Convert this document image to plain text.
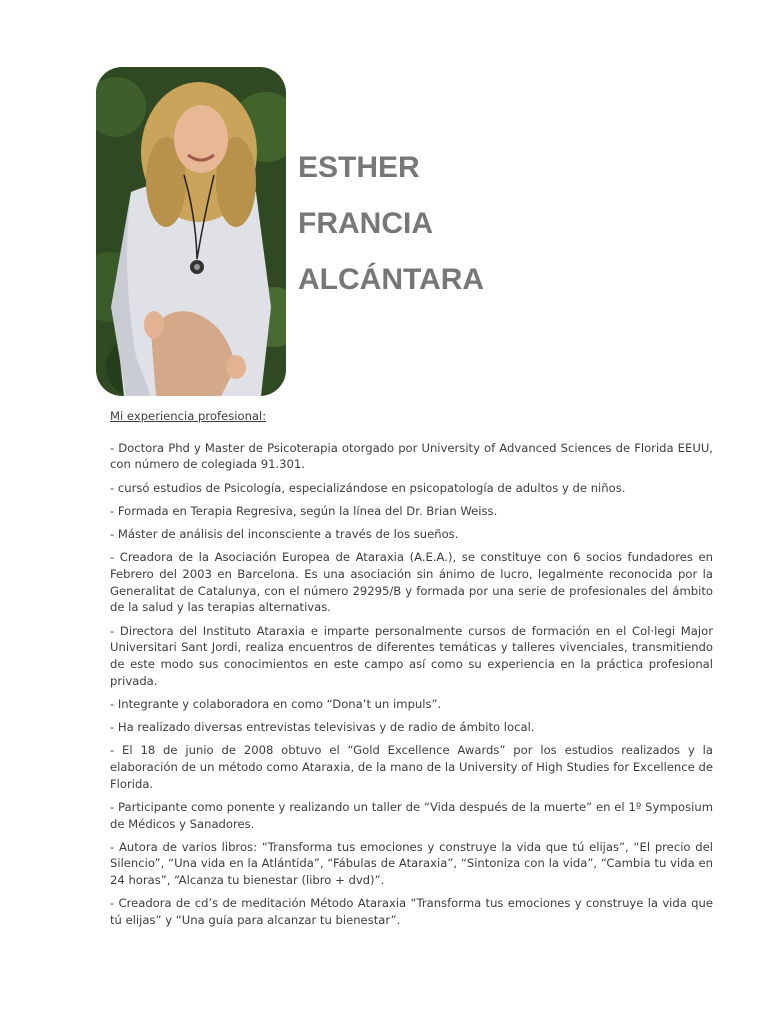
ESTHER
FRANCIA
ALCÁNTARA
Mi experiencia profesional:
- Doctora Phd y Master de Psicoterapia otorgado por University of Advanced Sciences de Florida EEUU, con número de colegiada 91.301.
- cursó estudios de Psicología, especializándose en psicopatología de adultos y de niños.
- Formada en Terapia Regresiva, según la línea del Dr. Brian Weiss.
- Máster de análisis del inconsciente a través de los sueños.
- Creadora de la Asociación Europea de Ataraxia (A.E.A.), se constituye con 6 socios fundadores en Febrero del 2003 en Barcelona. Es una asociación sin ánimo de lucro, legalmente reconocida por la Generalitat de Catalunya, con el número 29295/B y formada por una serie de profesionales del ámbito de la salud y las terapias alternativas.
- Directora del Instituto Ataraxia e imparte personalmente cursos de formación en el Col·legi Major Universitari Sant Jordi, realiza encuentros de diferentes temáticas y talleres vivenciales, transmitiendo de este modo sus conocimientos en este campo así como su experiencia en la práctica profesional privada.
- Integrante y colaboradora en como “Dona’t un impuls”.
- Ha realizado diversas entrevistas televisivas y de radio de ámbito local.
- El 18 de junio de 2008 obtuvo el “Gold Excellence Awards” por los estudios realizados y la elaboración de un método como Ataraxia, de la mano de la University of High Studies for Excellence de Florida.
- Participante como ponente y realizando un taller de “Vida después de la muerte” en el 1º Symposium de Médicos y Sanadores.
- Autora de varios libros: “Transforma tus emociones y construye la vida que tú elijas”, “El precio del Silencio”, “Una vida en la Atlántida”, “Fábulas de Ataraxia”, “Sintoniza con la vida”, “Cambia tu vida en 24 horas”, “Alcanza tu bienestar (libro + dvd)”.
- Creadora de cd’s de meditación Método Ataraxia “Transforma tus emociones y construye la vida que tú elijas” y “Una guía para alcanzar tu bienestar”.
